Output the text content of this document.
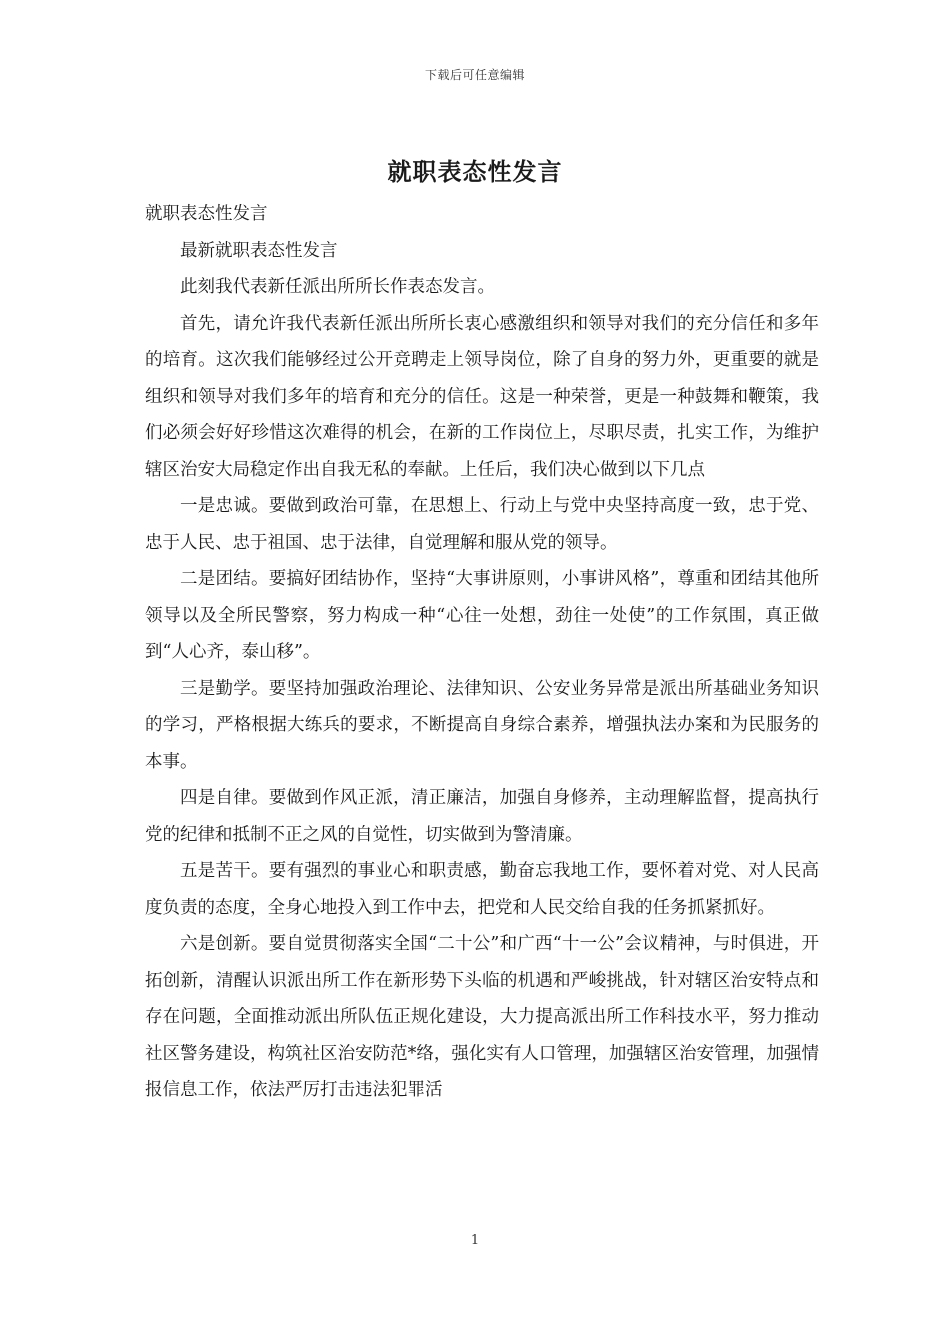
下载后可任意编辑
就职表态性发言

就职表态性发言

最新就职表态性发言

此刻我代表新任派出所所长作表态发言。

首先，请允许我代表新任派出所所长衷心感激组织和领导对我们的充分信任和多年的培育。这次我们能够经过公开竞聘走上领导岗位，除了自身的努力外，更重要的就是组织和领导对我们多年的培育和充分的信任。这是一种荣誉，更是一种鼓舞和鞭策，我们必须会好好珍惜这次难得的机会，在新的工作岗位上，尽职尽责，扎实工作，为维护辖区治安大局稳定作出自我无私的奉献。上任后，我们决心做到以下几点

一是忠诚。要做到政治可靠，在思想上、行动上与党中央坚持高度一致，忠于党、忠于人民、忠于祖国、忠于法律，自觉理解和服从党的领导。

二是团结。要搞好团结协作，坚持“大事讲原则，小事讲风格”，尊重和团结其他所领导以及全所民警察，努力构成一种“心往一处想，劲往一处使”的工作氛围，真正做到“人心齐，泰山移”。

三是勤学。要坚持加强政治理论、法律知识、公安业务异常是派出所基础业务知识的学习，严格根据大练兵的要求，不断提高自身综合素养，增强执法办案和为民服务的本事。

四是自律。要做到作风正派，清正廉洁，加强自身修养，主动理解监督，提高执行党的纪律和抵制不正之风的自觉性，切实做到为警清廉。

五是苦干。要有强烈的事业心和职责感，勤奋忘我地工作，要怀着对党、对人民高度负责的态度，全身心地投入到工作中去，把党和人民交给自我的任务抓紧抓好。

六是创新。要自觉贯彻落实全国“二十公”和广西“十一公”会议精神，与时俱进，开拓创新，清醒认识派出所工作在新形势下头临的机遇和严峻挑战，针对辖区治安特点和存在问题，全面推动派出所队伍正规化建设，大力提高派出所工作科技水平，努力推动社区警务建设，构筑社区治安防范*络，强化实有人口管理，加强辖区治安管理，加强情报信息工作，依法严厉打击违法犯罪活

1
